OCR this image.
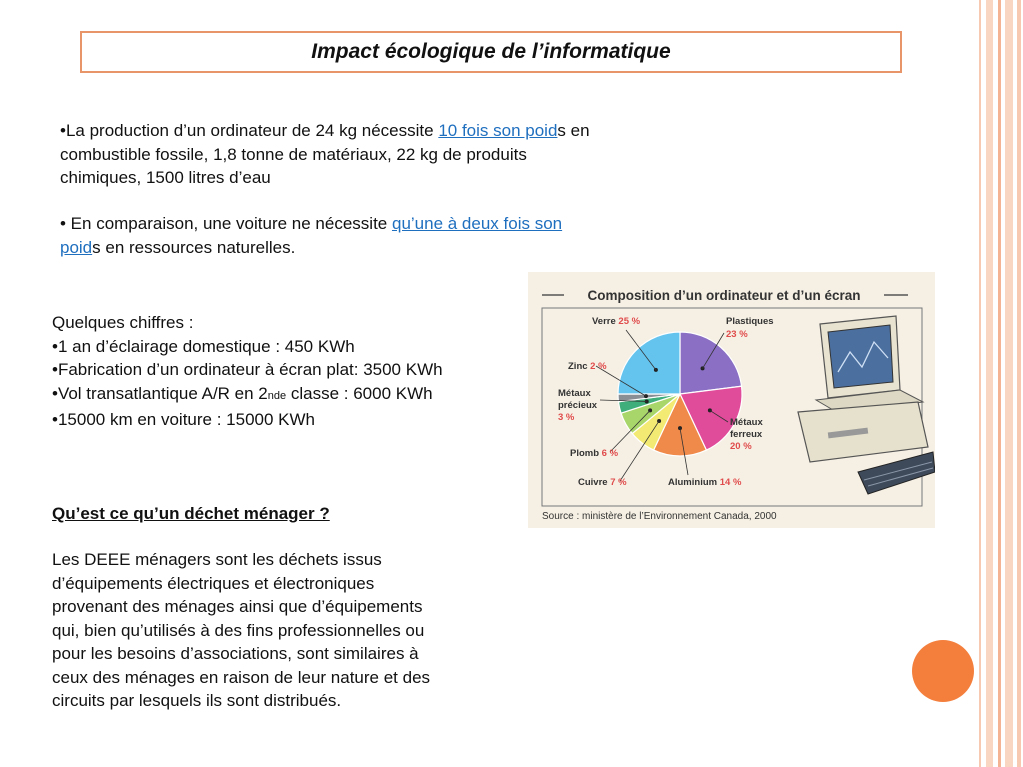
Impact écologique de l’informatique
•La production d’un ordinateur de 24 kg nécessite 10 fois son poids en
combustible fossile, 1,8 tonne de matériaux, 22 kg de produits
chimiques, 1500 litres d’eau
• En comparaison, une voiture ne nécessite qu’une à deux fois son
poids en ressources naturelles.
Quelques chiffres :
•1 an d’éclairage domestique : 450 KWh
•Fabrication d’un ordinateur à écran plat: 3500 KWh
•Vol transatlantique A/R en 2nde classe : 6000 KWh
•15000 km en voiture : 15000 KWh
Qu’est ce qu’un déchet ménager ?
Les DEEE ménagers sont les déchets issus
d’équipements électriques et électroniques
provenant des ménages ainsi que d’équipements
qui, bien qu’utilisés à des fins professionnelles ou
pour les besoins d’associations, sont similaires à
ceux des ménages en raison de leur nature et des
circuits par lesquels ils sont distribués.
Composition d’un ordinateur et d’un écran
Verre 25 %	Plastiques
23 %
Zinc 2 %
Métaux
précieux
3 %
Plomb 6 %
Cuivre 7 %	Aluminium 14 %
Métaux
ferreux
20 %
Source : ministère de l’Environnement Canada, 2000
